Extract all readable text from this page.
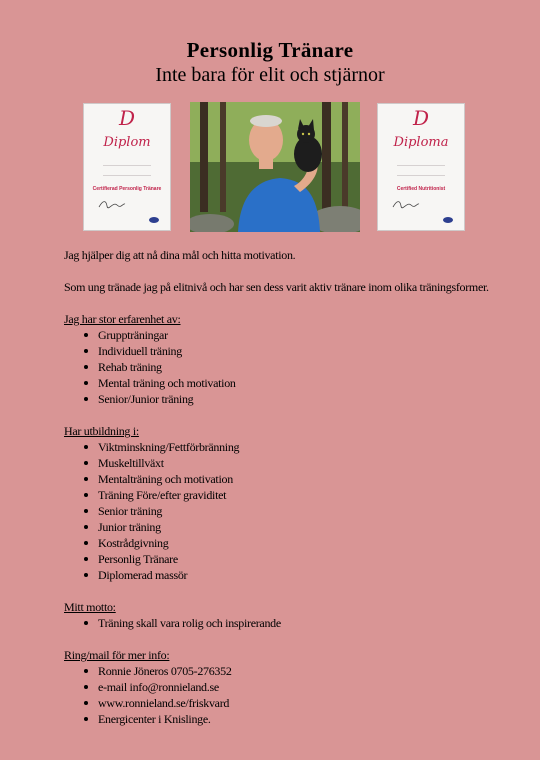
Personlig Tränare
Inte bara för elit och stjärnor
D
Diplom
Certifierad Personlig Tränare
D
Diploma
Certified Nutritionist

Jag hjälper dig att nå dina mål och hitta motivation.

Som ung tränade jag på elitnivå och har sen dess varit aktiv tränare inom olika träningsformer.

Jag har stor erfarenhet av:

Gruppträningar
Individuell träning
Rehab träning
Mental träning och motivation
Senior/Junior träning

Har utbildning i:

Viktminskning/Fettförbränning
Muskeltillväxt
Mentalträning och motivation
Träning Före/efter graviditet
Senior träning
Junior träning
Kostrådgivning
Personlig Tränare
Diplomerad massör

Mitt motto:

Träning skall vara rolig och inspirerande

Ring/mail för mer info:

Ronnie Jöneros 0705-276352
e-mail info@ronnieland.se
www.ronnieland.se/friskvard
Energicenter i Knislinge.
